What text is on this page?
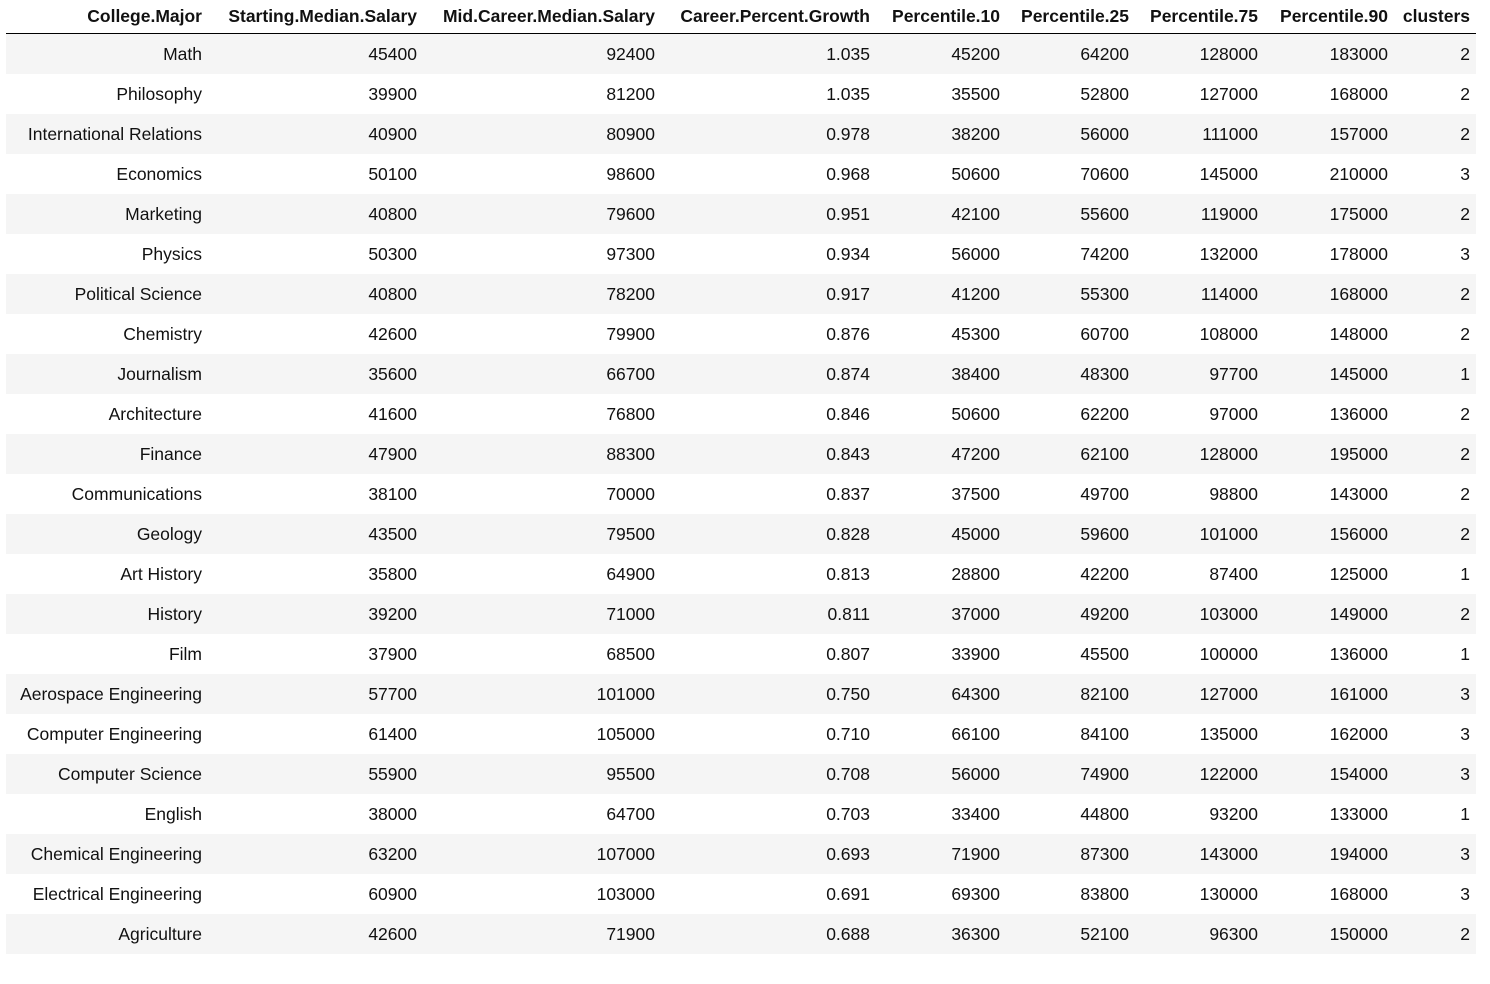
College.Major	Starting.Median.Salary	Mid.Career.Median.Salary	Career.Percent.Growth	Percentile.10	Percentile.25	Percentile.75	Percentile.90	clusters
Math	45400	92400	1.035	45200	64200	128000	183000	2
Philosophy	39900	81200	1.035	35500	52800	127000	168000	2
International Relations	40900	80900	0.978	38200	56000	111000	157000	2
Economics	50100	98600	0.968	50600	70600	145000	210000	3
Marketing	40800	79600	0.951	42100	55600	119000	175000	2
Physics	50300	97300	0.934	56000	74200	132000	178000	3
Political Science	40800	78200	0.917	41200	55300	114000	168000	2
Chemistry	42600	79900	0.876	45300	60700	108000	148000	2
Journalism	35600	66700	0.874	38400	48300	97700	145000	1
Architecture	41600	76800	0.846	50600	62200	97000	136000	2
Finance	47900	88300	0.843	47200	62100	128000	195000	2
Communications	38100	70000	0.837	37500	49700	98800	143000	2
Geology	43500	79500	0.828	45000	59600	101000	156000	2
Art History	35800	64900	0.813	28800	42200	87400	125000	1
History	39200	71000	0.811	37000	49200	103000	149000	2
Film	37900	68500	0.807	33900	45500	100000	136000	1
Aerospace Engineering	57700	101000	0.750	64300	82100	127000	161000	3
Computer Engineering	61400	105000	0.710	66100	84100	135000	162000	3
Computer Science	55900	95500	0.708	56000	74900	122000	154000	3
English	38000	64700	0.703	33400	44800	93200	133000	1
Chemical Engineering	63200	107000	0.693	71900	87300	143000	194000	3
Electrical Engineering	60900	103000	0.691	69300	83800	130000	168000	3
Agriculture	42600	71900	0.688	36300	52100	96300	150000	2
